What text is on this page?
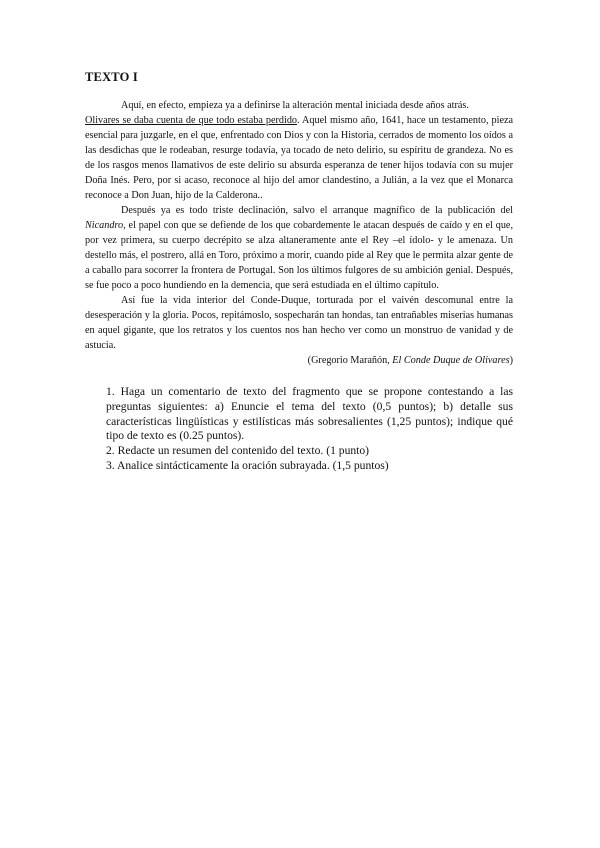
TEXTO I

Aquí, en efecto, empieza ya a definirse la alteración mental iniciada desde años atrás.
Olivares se daba cuenta de que todo estaba perdido. Aquel mismo año, 1641, hace un testamento, pieza esencial para juzgarle, en el que, enfrentado con Dios y con la Historia, cerrados de momento los oídos a las desdichas que le rodeaban, resurge todavía, ya tocado de neto delirio, su espíritu de grandeza. No es de los rasgos menos llamativos de este delirio su absurda esperanza de tener hijos todavía con su mujer Doña Inés. Pero, por si acaso, reconoce al hijo del amor clandestino, a Julián, a la vez que el Monarca reconoce a Don Juan, hijo de la Calderona..

Después ya es todo triste declinación, salvo el arranque magnífico de la publicación del Nicandro, el papel con que se defiende de los que cobardemente le atacan después de caído y en el que, por vez primera, su cuerpo decrépito se alza altaneramente ante el Rey –el ídolo- y le amenaza. Un destello más, el postrero, allá en Toro, próximo a morir, cuando pide al Rey que le permita alzar gente de a caballo para socorrer la frontera de Portugal. Son los últimos fulgores de su ambición genial. Después, se fue poco a poco hundiendo en la demencia, que será estudiada en el último capítulo.

Así fue la vida interior del Conde-Duque, torturada por el vaivén descomunal entre la desesperación y la gloria. Pocos, repitámoslo, sospecharán tan hondas, tan entrañables miserias humanas en aquel gigante, que los retratos y los cuentos nos han hecho ver como un monstruo de vanidad y de astucia.

(Gregorio Marañón, El Conde Duque de Olivares)

1. Haga un comentario de texto del fragmento que se propone contestando a las preguntas siguientes: a) Enuncie el tema del texto (0,5 puntos); b) detalle sus características lingüísticas y estilísticas más sobresalientes (1,25 puntos); indique qué tipo de texto es (0.25 puntos).

2. Redacte un resumen del contenido del texto. (1 punto)

3. Analice sintácticamente la oración subrayada. (1,5 puntos)
